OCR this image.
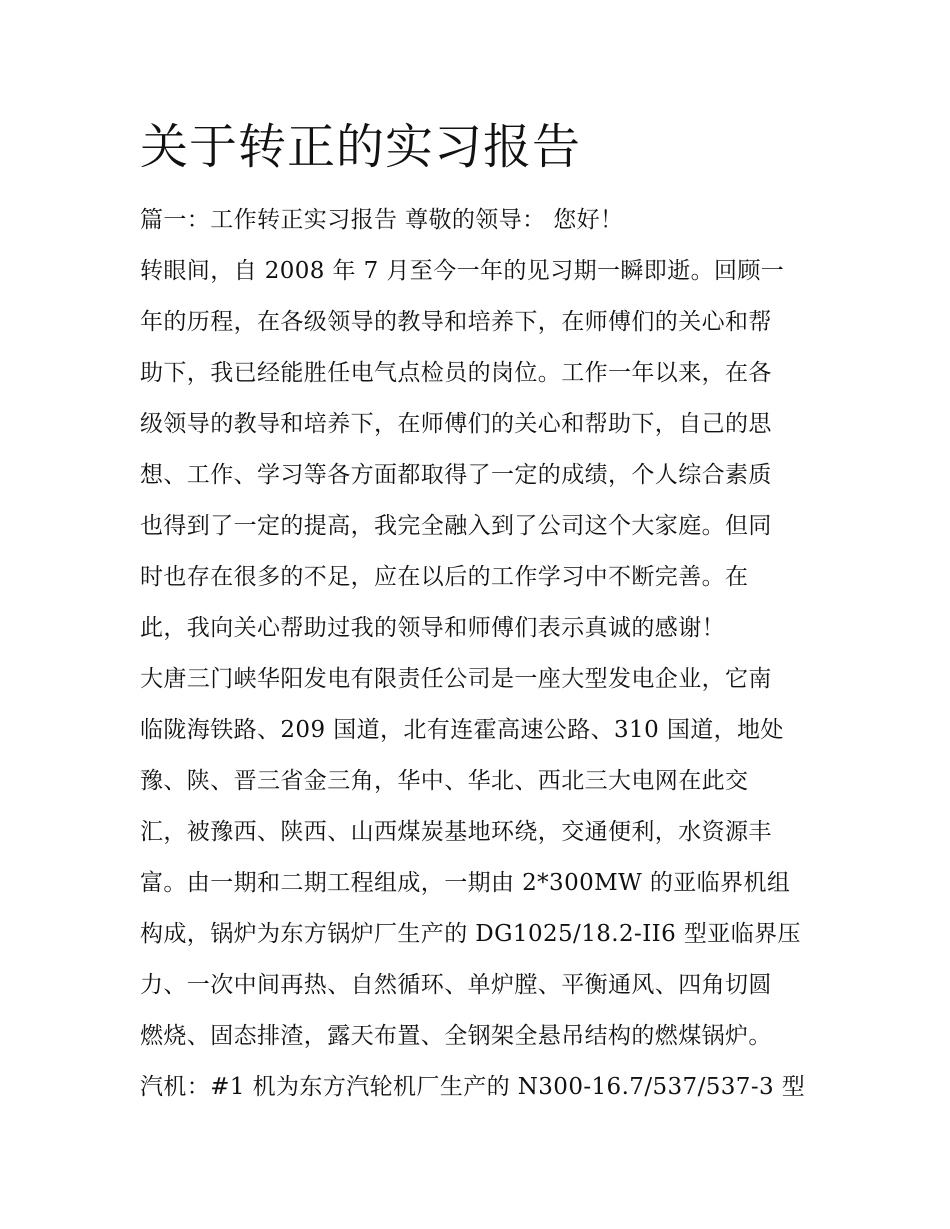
关于转正的实习报告
篇一：工作转正实习报告 尊敬的领导： 您好！
转眼间，自 2008 年 7 月至今一年的见习期一瞬即逝。回顾一
年的历程，在各级领导的教导和培养下，在师傅们的关心和帮
助下，我已经能胜任电气点检员的岗位。工作一年以来，在各
级领导的教导和培养下，在师傅们的关心和帮助下，自己的思
想、工作、学习等各方面都取得了一定的成绩，个人综合素质
也得到了一定的提高，我完全融入到了公司这个大家庭。但同
时也存在很多的不足，应在以后的工作学习中不断完善。在
此，我向关心帮助过我的领导和师傅们表示真诚的感谢！
大唐三门峡华阳发电有限责任公司是一座大型发电企业，它南
临陇海铁路、209 国道，北有连霍高速公路、310 国道，地处
豫、陕、晋三省金三角，华中、华北、西北三大电网在此交
汇，被豫西、陕西、山西煤炭基地环绕，交通便利，水资源丰
富。由一期和二期工程组成，一期由 2*300MW 的亚临界机组
构成，锅炉为东方锅炉厂生产的 DG1025/18.2-II6 型亚临界压
力、一次中间再热、自然循环、单炉膛、平衡通风、四角切圆
燃烧、固态排渣，露天布置、全钢架全悬吊结构的燃煤锅炉。
汽机：#1 机为东方汽轮机厂生产的 N300-16.7/537/537-3 型
